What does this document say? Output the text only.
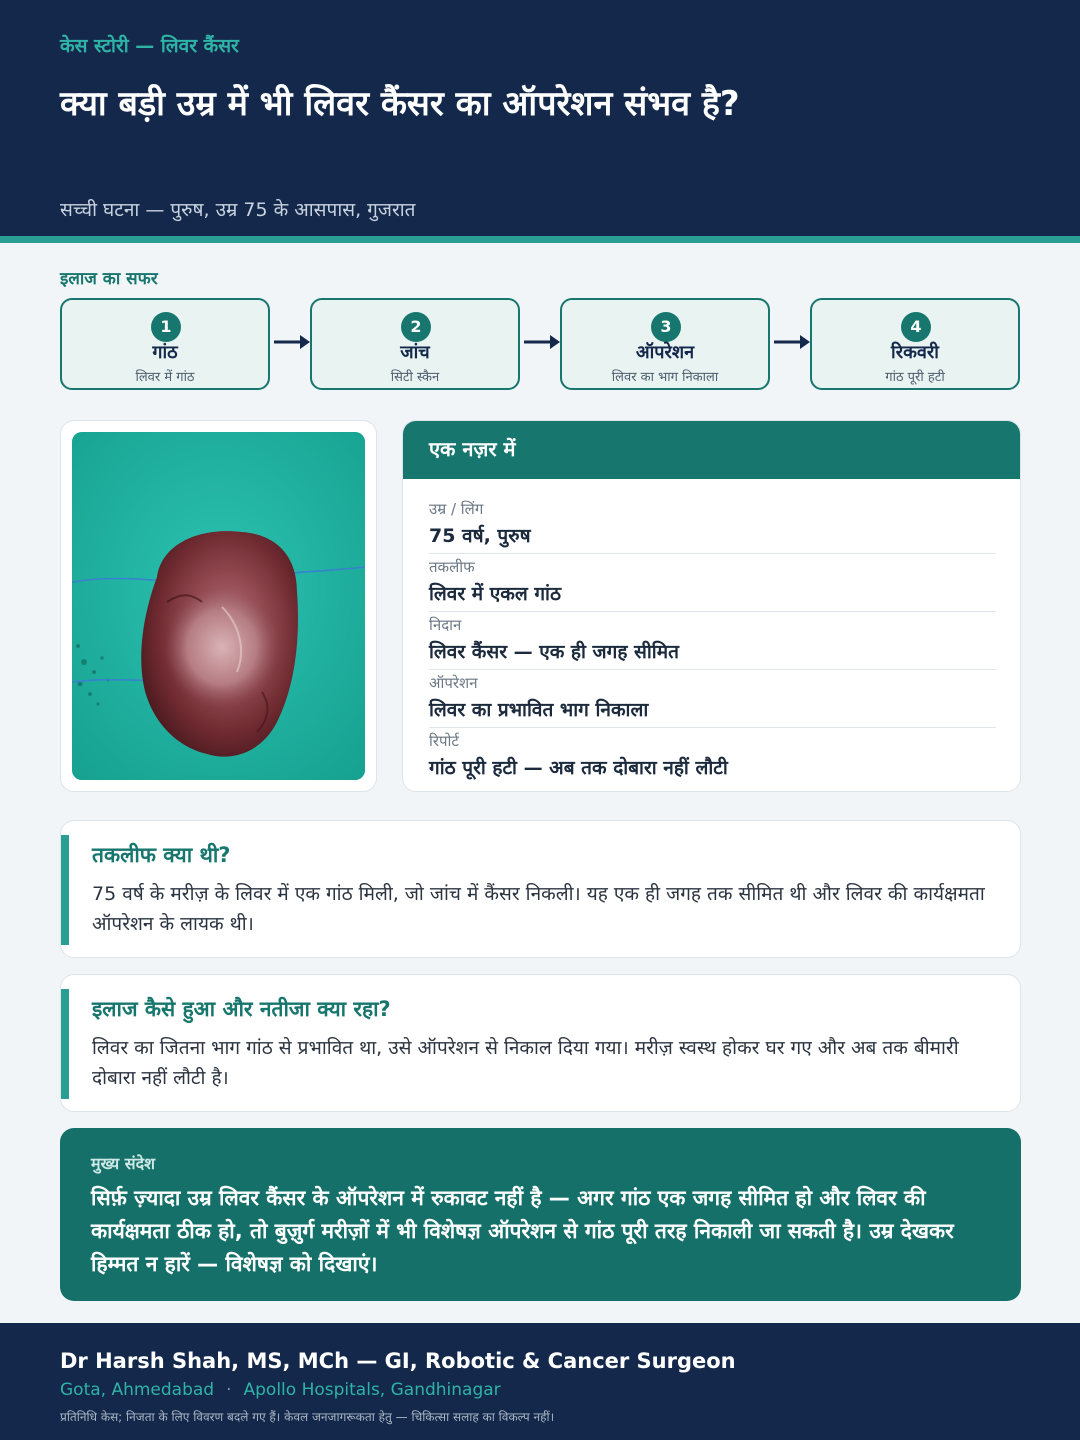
केस स्टोरी — लिवर कैंसर
क्या बड़ी उम्र में भी लिवर कैंसर का ऑपरेशन संभव है?
सच्ची घटना — पुरुष, उम्र 75 के आसपास, गुजरात
इलाज का सफर
1
गांठ
लिवर में गांठ
2
जांच
सिटी स्कैन
3
ऑपरेशन
लिवर का भाग निकाला
4
रिकवरी
गांठ पूरी हटी
एक नज़र में
उम्र / लिंग
75 वर्ष, पुरुष
तकलीफ
लिवर में एकल गांठ
निदान
लिवर कैंसर — एक ही जगह सीमित
ऑपरेशन
लिवर का प्रभावित भाग निकाला
रिपोर्ट
गांठ पूरी हटी — अब तक दोबारा नहीं लौटी
तकलीफ क्या थी?
75 वर्ष के मरीज़ के लिवर में एक गांठ मिली, जो जांच में कैंसर निकली। यह एक ही जगह तक सीमित थी और लिवर की कार्यक्षमता ऑपरेशन के लायक थी।
इलाज कैसे हुआ और नतीजा क्या रहा?
लिवर का जितना भाग गांठ से प्रभावित था, उसे ऑपरेशन से निकाल दिया गया। मरीज़ स्वस्थ होकर घर गए और अब तक बीमारी दोबारा नहीं लौटी है।
मुख्य संदेश
सिर्फ़ ज़्यादा उम्र लिवर कैंसर के ऑपरेशन में रुकावट नहीं है — अगर गांठ एक जगह सीमित हो और लिवर की कार्यक्षमता ठीक हो, तो बुज़ुर्ग मरीज़ों में भी विशेषज्ञ ऑपरेशन से गांठ पूरी तरह निकाली जा सकती है। उम्र देखकर हिम्मत न हारें — विशेषज्ञ को दिखाएं।
Dr Harsh Shah, MS, MCh — GI, Robotic & Cancer Surgeon
Gota, Ahmedabad · Apollo Hospitals, Gandhinagar
प्रतिनिधि केस; निजता के लिए विवरण बदले गए हैं। केवल जनजागरूकता हेतु — चिकित्सा सलाह का विकल्प नहीं।
